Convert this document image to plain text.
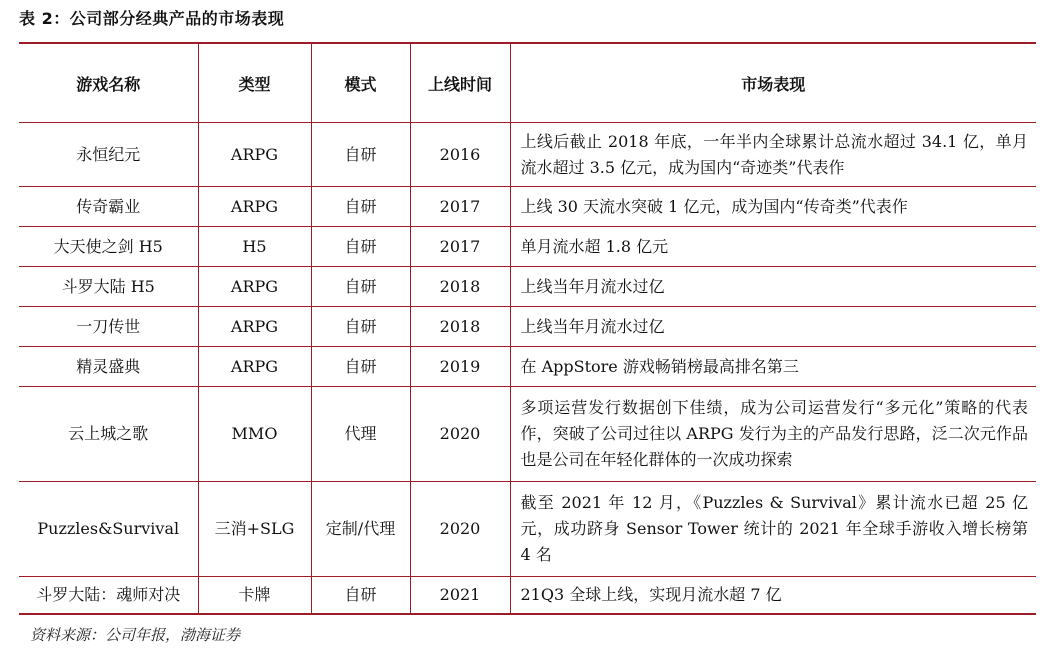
表 2：公司部分经典产品的市场表现
游戏名称	类型	模式	上线时间	市场表现
永恒纪元	ARPG	自研	2016	上线后截止 2018 年底，一年半内全球累计总流水超过 34.1 亿，单月流水超过 3.5 亿元，成为国内“奇迹类”代表作
传奇霸业	ARPG	自研	2017	上线 30 天流水突破 1 亿元，成为国内“传奇类”代表作
大天使之剑 H5	H5	自研	2017	单月流水超 1.8 亿元
斗罗大陆 H5	ARPG	自研	2018	上线当年月流水过亿
一刀传世	ARPG	自研	2018	上线当年月流水过亿
精灵盛典	ARPG	自研	2019	在 AppStore 游戏畅销榜最高排名第三
云上城之歌	MMO	代理	2020	多项运营发行数据创下佳绩，成为公司运营发行“多元化”策略的代表作，突破了公司过往以 ARPG 发行为主的产品发行思路，泛二次元作品也是公司在年轻化群体的一次成功探索
Puzzles&Survival	三消+SLG	定制/代理	2020	截至 2021 年 12 月，《Puzzles & Survival》累计流水已超 25 亿元，成功跻身 Sensor Tower 统计的 2021 年全球手游收入增长榜第 4 名
斗罗大陆：魂师对决	卡牌	自研	2021	21Q3 全球上线，实现月流水超 7 亿
资料来源：公司年报，渤海证券
